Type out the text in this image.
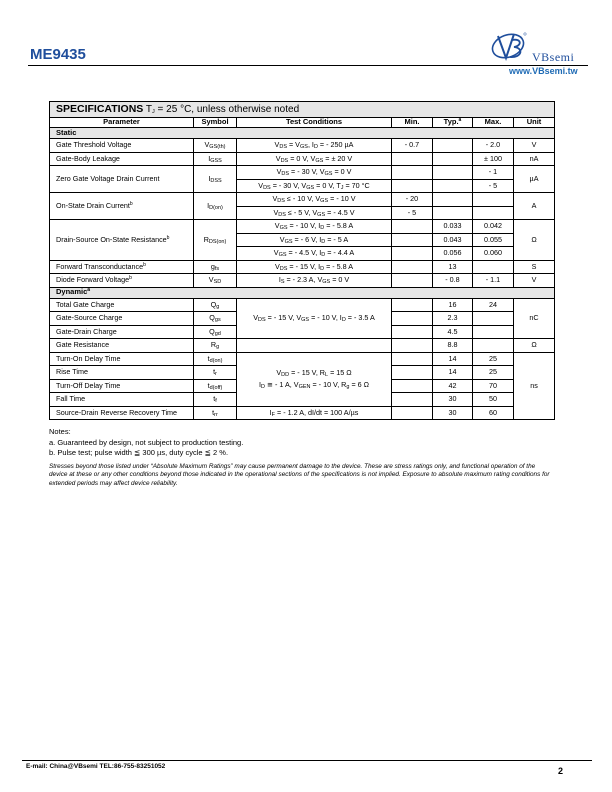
ME9435	VBsemi
www.VBsemi.tw
SPECIFICATIONS $T_J = 25$ °C, unless otherwise noted						
Parameter	Symbol	Test Conditions	Min.	Typ.$^a$	Max.	Unit
Static						
Gate Threshold Voltage	$V_{GS(th)}$	$V_{DS} = V_{GS}$, $I_D$ = - 250 µA	- 0.7		- 2.0	V
Gate-Body Leakage	$I_{GSS}$	$V_{DS} = 0$ V, $V_{GS}$ = ± 20 V			± 100	nA
Zero Gate Voltage Drain Current	$I_{DSS}$	$V_{DS}$ = - 30 V, $V_{GS} = 0$ V			- 1	µA
		$V_{DS}$ = - 30 V, $V_{GS} = 0$ V, $T_J = 70$ °C			- 5	
On-State Drain Current$^b$	$I_{D(on)}$	$V_{DS}$ ≤ - 10 V, $V_{GS}$ = - 10 V	- 20			A
		$V_{DS}$ ≤ - 5 V, $V_{GS}$ = - 4.5 V	- 5			
Drain-Source On-State Resistance$^b$	$R_{DS(on)}$	$V_{GS}$ = - 10 V, $I_D$ = - 5.8 A		0.033	0.042	Ω
		$V_{GS}$ = - 6 V, $I_D$ = - 5 A		0.043	0.055	
		$V_{GS}$ = - 4.5 V, $I_D$ = - 4.4 A		0.056	0.060	
Forward Transconductance$^b$	$g_{fs}$	$V_{DS}$ = - 15 V, $I_D$ = - 5.8 A		13		S
Diode Forward Voltage$^b$	$V_{SD}$	$I_S$ = - 2.3 A, $V_{GS} = 0$ V		- 0.8	- 1.1	V
Dynamic$^a$
Total Gate Charge	$Q_g$	$V_{DS}$ = - 15 V, $V_{GS}$ = - 10 V, $I_D$ = - 3.5 A		16	24	nC
Gate-Source Charge	$Q_{gs}$			2.3		
Gate-Drain Charge	$Q_{gd}$			4.5		
Gate Resistance	$R_g$			8.8		Ω
Turn-On Delay Time	$t_{d(on)}$	$V_{DD}$ = - 15 V, $R_L = 15$ Ω
$I_D$ ≅ - 1 A, $V_{GEN}$ = - 10 V, $R_g = 6$ Ω		14	25	ns
Rise Time	$t_r$			14	25	
Turn-Off Delay Time	$t_{d(off)}$			42	70	
Fall Time	$t_f$			30	50	
Source-Drain Reverse Recovery Time	$t_{rr}$	$I_F$ = - 1.2 A, dI/dt = 100 A/µs		30	60	
Notes:
a. Guaranteed by design, not subject to production testing.
b. Pulse test; pulse width ≦ 300 µs, duty cycle ≦ 2 %.
Stresses beyond those listed under “Absolute Maximum Ratings” may cause permanent damage to the device. These are stress ratings only, and functional operation of the device at these or any other conditions beyond those indicated in the operational sections of the specifications is not implied. Exposure to absolute maximum rating conditions for extended periods may affect device reliability.
E-mail: China@VBsemi TEL:86-755-83251052	2
